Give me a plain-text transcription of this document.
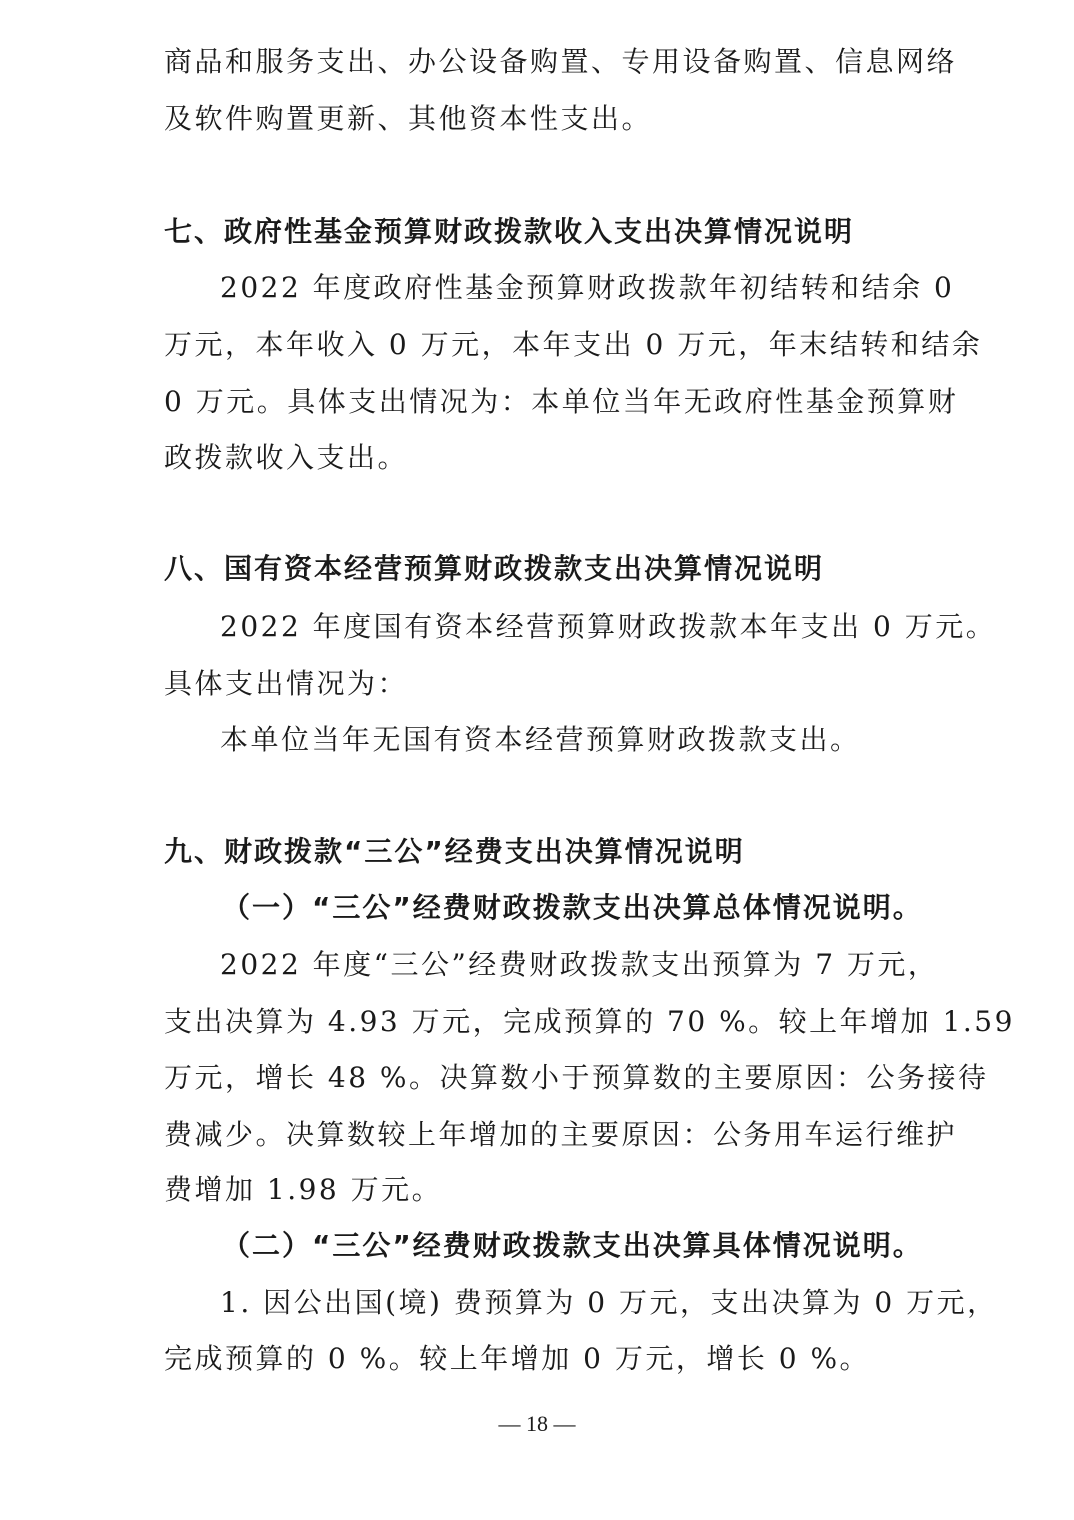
商品和服务支出、办公设备购置、专用设备购置、信息网络
及软件购置更新、其他资本性支出。
七、政府性基金预算财政拨款收入支出决算情况说明
2022 年度政府性基金预算财政拨款年初结转和结余 0
万元，本年收入 0 万元，本年支出 0 万元，年末结转和结余
0 万元。具体支出情况为：本单位当年无政府性基金预算财
政拨款收入支出。
八、国有资本经营预算财政拨款支出决算情况说明
2022 年度国有资本经营预算财政拨款本年支出 0 万元。
具体支出情况为：
本单位当年无国有资本经营预算财政拨款支出。
九、财政拨款“三公”经费支出决算情况说明
（一）“三公”经费财政拨款支出决算总体情况说明。
2022 年度“三公”经费财政拨款支出预算为 7 万元，
支出决算为 4.93 万元，完成预算的 70 %。较上年增加 1.59
万元，增长 48 %。决算数小于预算数的主要原因：公务接待
费减少。决算数较上年增加的主要原因：公务用车运行维护
费增加 1.98 万元。
（二）“三公”经费财政拨款支出决算具体情况说明。
1. 因公出国(境) 费预算为 0 万元，支出决算为 0 万元，
完成预算的 0 %。较上年增加 0 万元，增长 0 %。
— 18 —
